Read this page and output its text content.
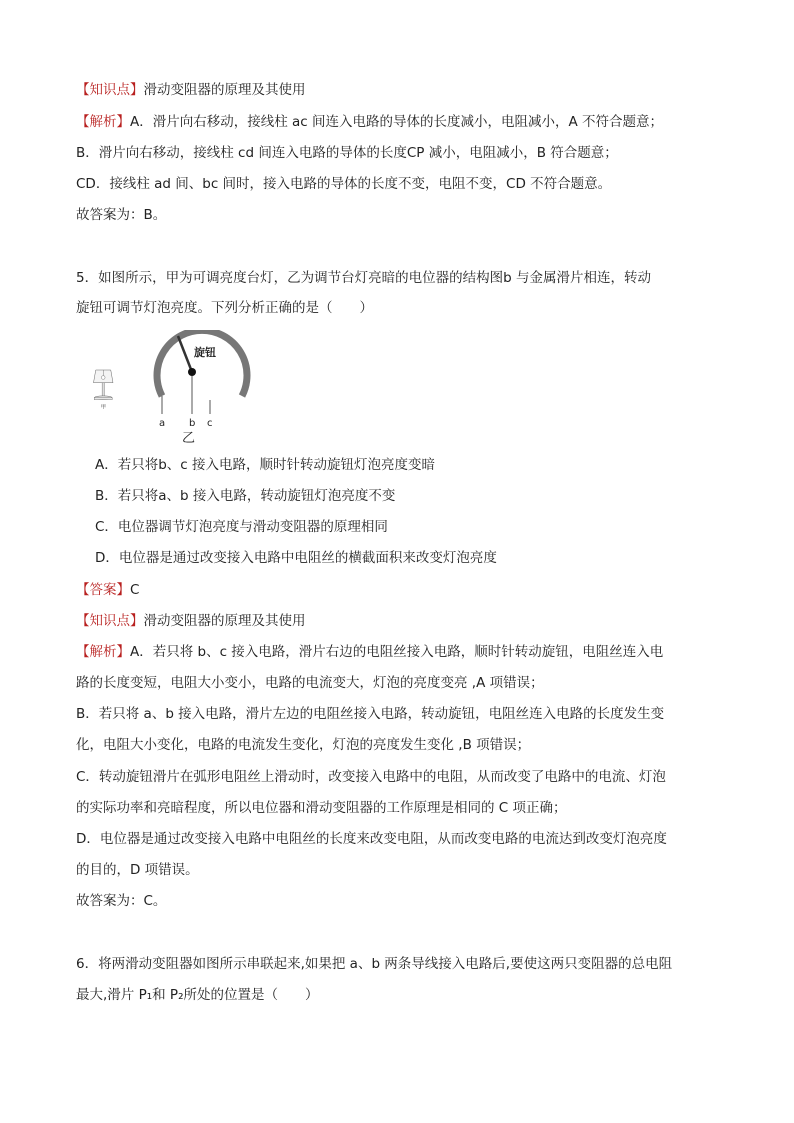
【知识点】滑动变阻器的原理及其使用
【解析】A．滑片向右移动，接线柱 ac 间连入电路的导体的长度减小，电阻减小，A 不符合题意；
B．滑片向右移动，接线柱 cd 间连入电路的导体的长度CP 减小，电阻减小，B 符合题意；
CD．接线柱 ad 间、bc 间时，接入电路的导体的长度不变，电阻不变，CD 不符合题意。
故答案为：B。
5．如图所示，甲为可调亮度台灯，乙为调节台灯亮暗的电位器的结构图b 与金属滑片相连，转动
旋钮可调节灯泡亮度。下列分析正确的是（　　）
甲
旋钮
a b c
乙
A．若只将b、c 接入电路，顺时针转动旋钮灯泡亮度变暗
B．若只将a、b 接入电路，转动旋钮灯泡亮度不变
C．电位器调节灯泡亮度与滑动变阻器的原理相同
D．电位器是通过改变接入电路中电阻丝的横截面积来改变灯泡亮度
【答案】C
【知识点】滑动变阻器的原理及其使用
【解析】A．若只将 b、c 接入电路，滑片右边的电阻丝接入电路，顺时针转动旋钮，电阻丝连入电
路的长度变短，电阻大小变小，电路的电流变大，灯泡的亮度变亮 ,A 项错误；
B．若只将 a、b 接入电路，滑片左边的电阻丝接入电路，转动旋钮，电阻丝连入电路的长度发生变
化，电阻大小变化，电路的电流发生变化，灯泡的亮度发生变化 ,B 项错误；
C．转动旋钮滑片在弧形电阻丝上滑动时，改变接入电路中的电阻，从而改变了电路中的电流、灯泡
的实际功率和亮暗程度，所以电位器和滑动变阻器的工作原理是相同的 C 项正确；
D．电位器是通过改变接入电路中电阻丝的长度来改变电阻，从而改变电路的电流达到改变灯泡亮度
的目的，D 项错误。
故答案为：C。
6．将两滑动变阻器如图所示串联起来,如果把 a、b 两条导线接入电路后,要使这两只变阻器的总电阻
最大,滑片 P₁和 P₂所处的位置是（　　）
